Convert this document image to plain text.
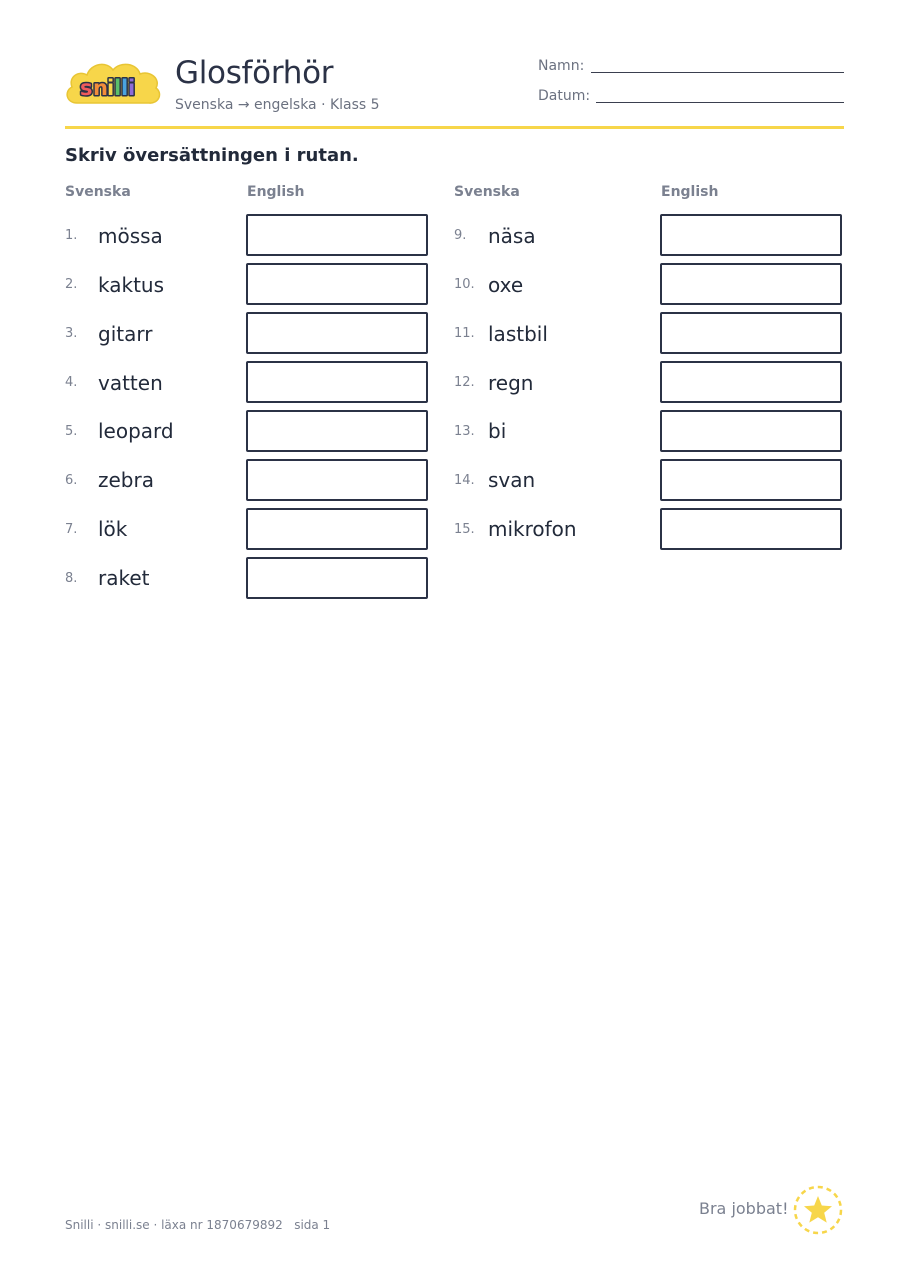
s n i l l i Glosförhör
Svenska → engelska · Klass 5
Namn:
Datum:
Skriv översättningen i rutan.
Svenska	English	Svenska	English
1. mössa
2. kaktus
3. gitarr
4. vatten
5. leopard
6. zebra
7. lök
8. raket
9. näsa
10. oxe
11. lastbil
12. regn
13. bi
14. svan
15. mikrofon
Snilli · snilli.se · läxa nr 1870679892   sida 1
Bra jobbat!
